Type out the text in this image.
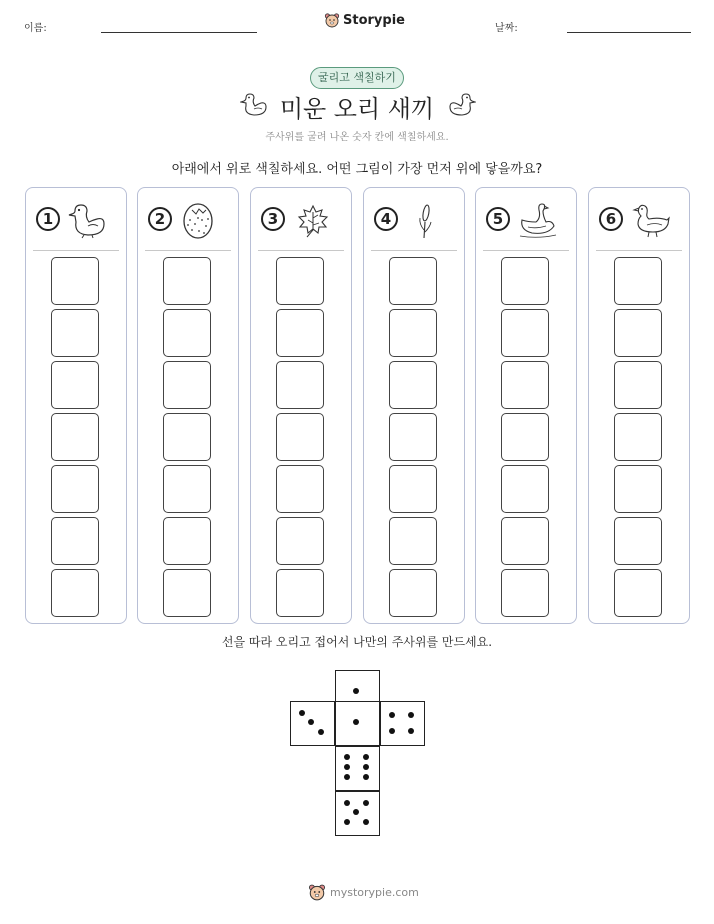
이름:
Storypie
날짜:
굴리고 색칠하기
미운 오리 새끼
주사위를 굴려 나온 숫자 칸에 색칠하세요.
아래에서 위로 색칠하세요. 어떤 그림이 가장 먼저 위에 닿을까요?
1	2	3	4	5	6
선을 따라 오리고 접어서 나만의 주사위를 만드세요.
mystorypie.com
